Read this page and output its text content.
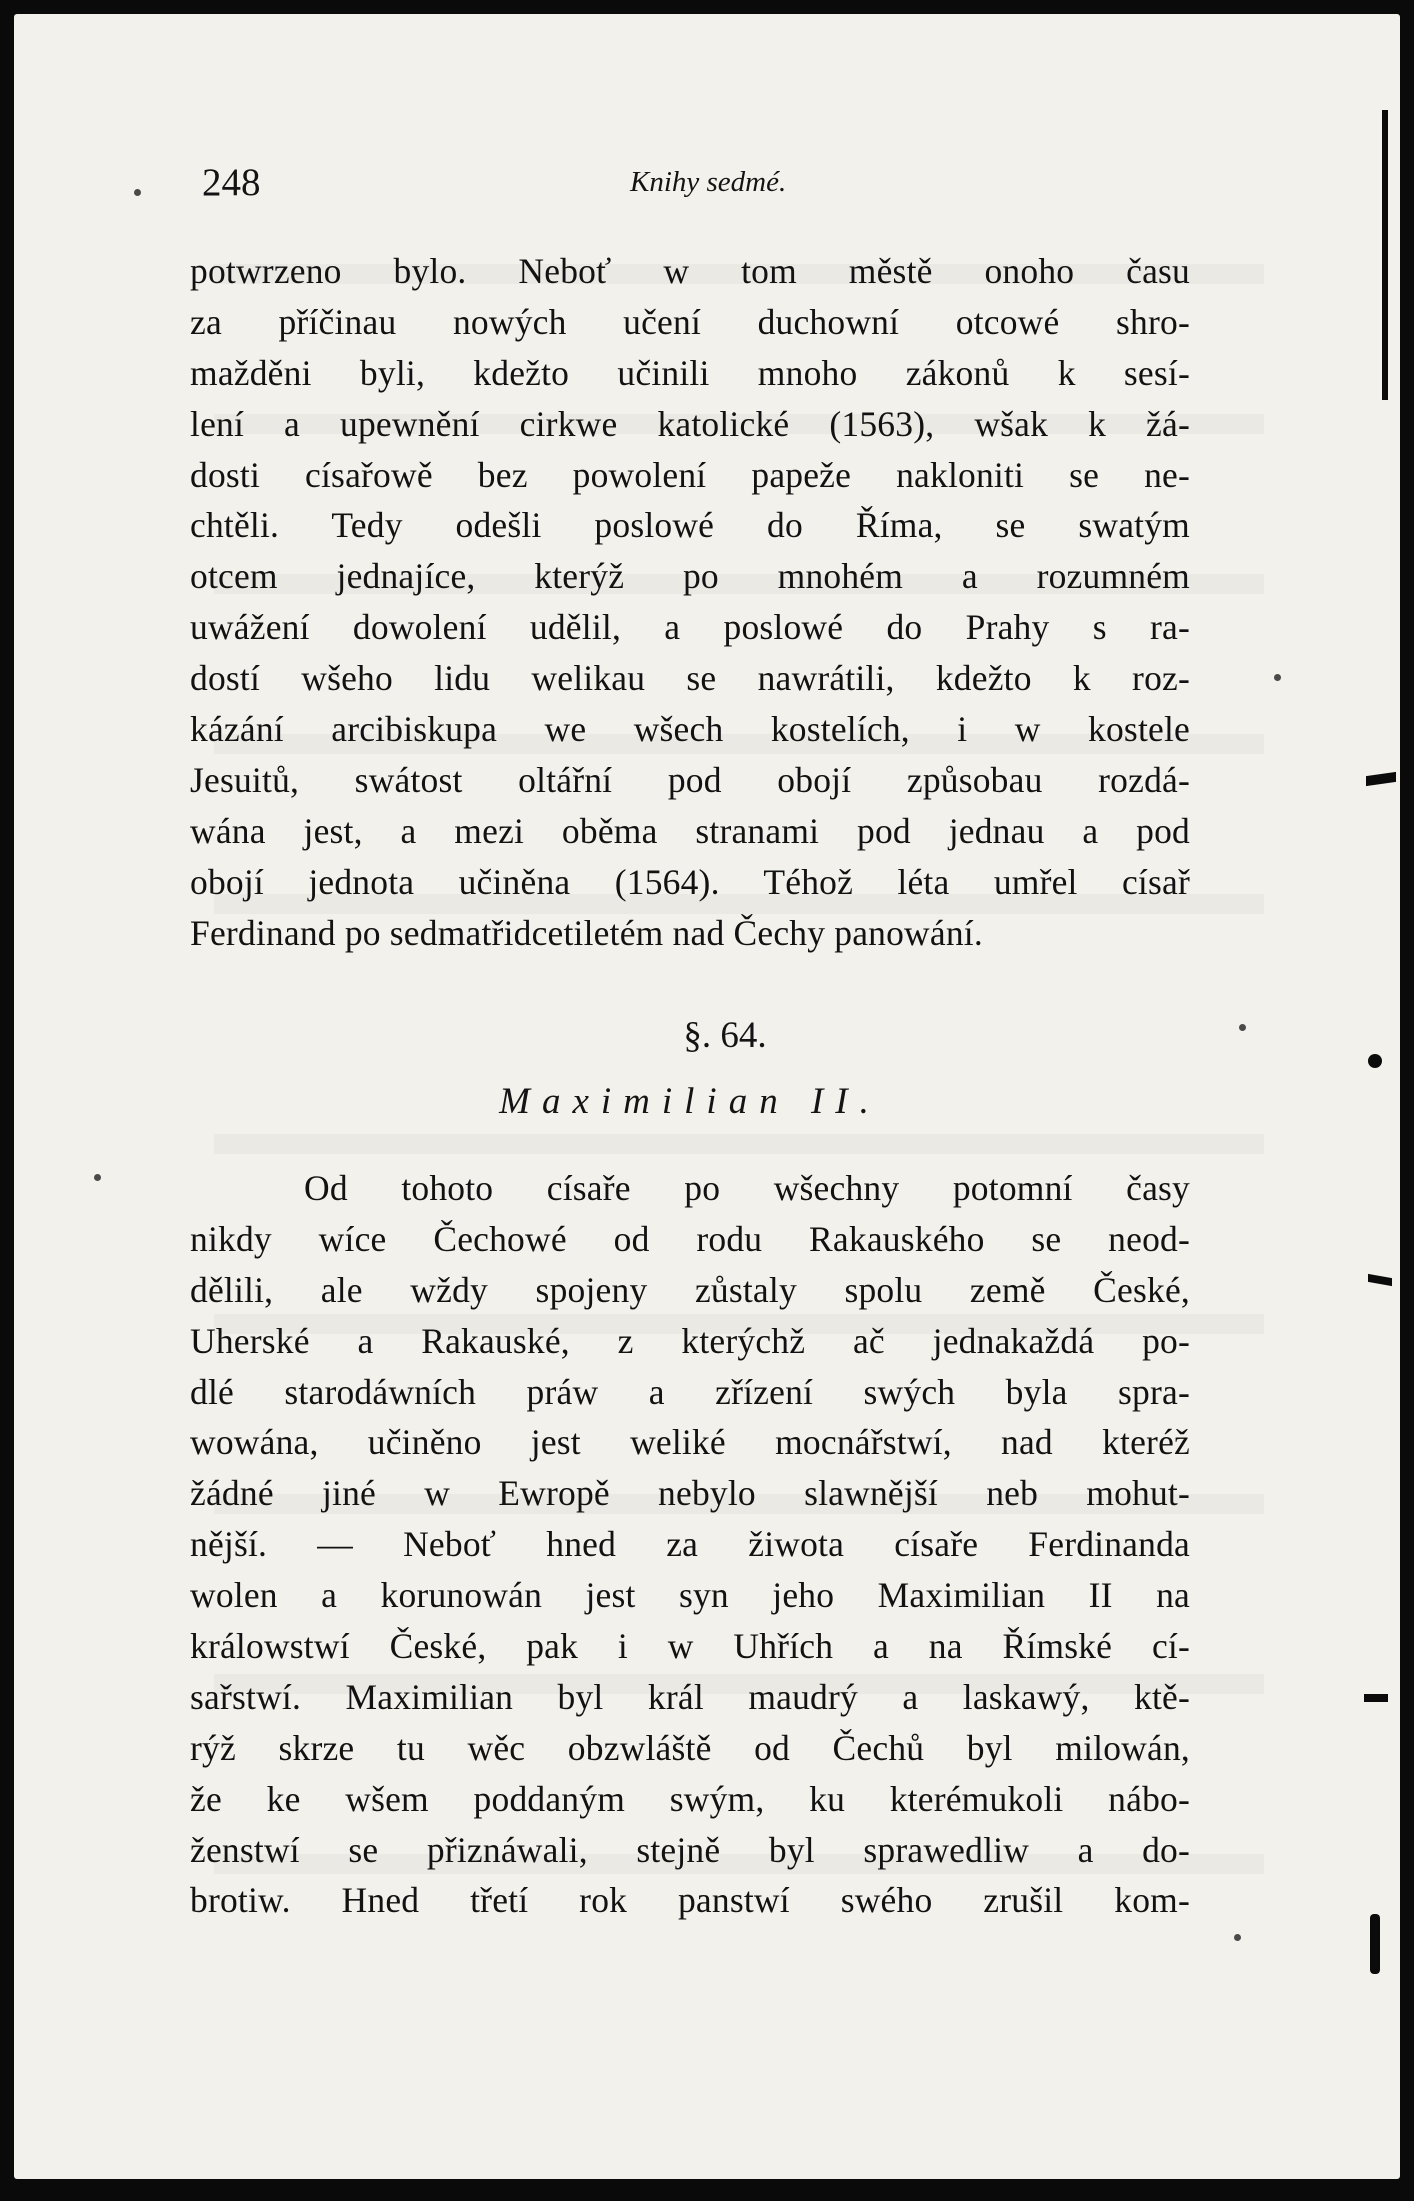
248	Knihy sedmé.
potwrzeno bylo. Neboť w tom městě onoho času
za příčinau nowých učení duchowní otcowé shro-
mažděni byli, kdežto učinili mnoho zákonů k sesí-
lení a upewnění cirkwe katolické (1563), wšak k žá-
dosti císařowě bez powolení papeže nakloniti se ne-
chtěli. Tedy odešli poslowé do Říma, se swatým
otcem jednajíce, kterýž po mnohém a rozumném
uwážení dowolení udělil, a poslowé do Prahy s ra-
dostí wšeho lidu welikau se nawrátili, kdežto k roz-
kázání arcibiskupa we wšech kostelích, i w kostele
Jesuitů, swátost oltářní pod obojí způsobau rozdá-
wána jest, a mezi oběma stranami pod jednau a pod
obojí jednota učiněna (1564). Téhož léta umřel císař
Ferdinand po sedmatřidcetiletém nad Čechy panowání.
§. 64.
Maximilian II.
Od tohoto císaře po wšechny potomní časy
nikdy wíce Čechowé od rodu Rakauského se neod-
dělili, ale wždy spojeny zůstaly spolu země České,
Uherské a Rakauské, z kterýchž ač jednakaždá po-
dlé starodáwních práw a zřízení swých byla spra-
wowána, učiněno jest weliké mocnářstwí, nad kteréž
žádné jiné w Ewropě nebylo slawnější neb mohut-
nější. — Neboť hned za žiwota císaře Ferdinanda
wolen a korunowán jest syn jeho Maximilian II na
králowstwí České, pak i w Uhřích a na Římské cí-
sařstwí. Maximilian byl král maudrý a laskawý, ktě-
rýž skrze tu wěc obzwláště od Čechů byl milowán,
že ke wšem poddaným swým, ku kterémukoli nábo-
ženstwí se přiznáwali, stejně byl sprawedliw a do-
brotiw. Hned třetí rok panstwí swého zrušil kom-
